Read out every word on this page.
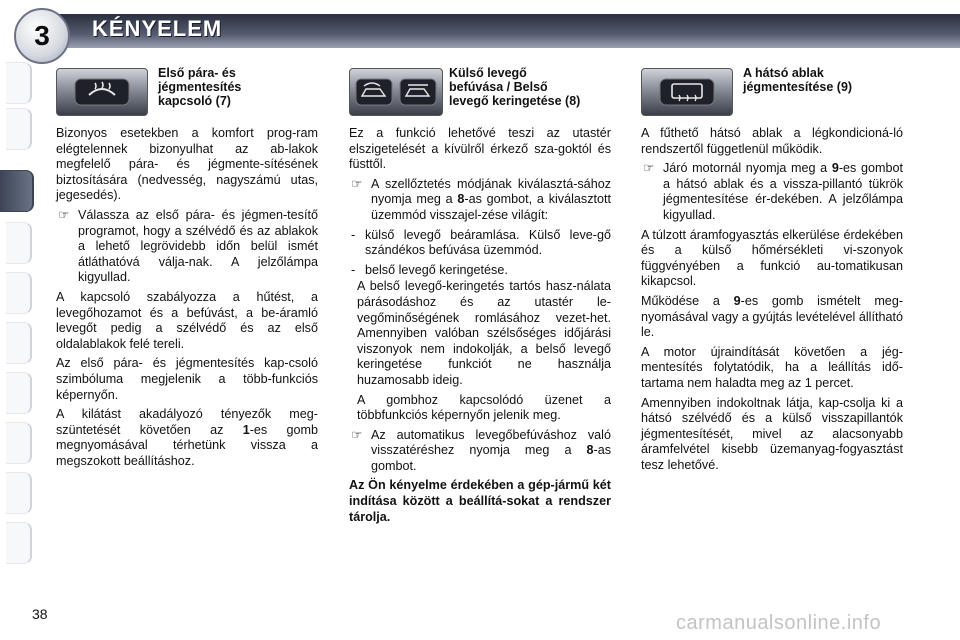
3 KÉNYELEM
Első pára- és
jégmentesítés
kapcsoló (7)

Bizonyos esetekben a komfort prog-ram elégtelennek bizonyulhat az ab-lakok megfelelő pára- és jégmente-sítésének biztosítására (nedvesség, nagyszámú utas, jegesedés).

☞ Válassza az első pára- és jégmen-tesítő programot, hogy a szélvédő és az ablakok a lehető legrövidebb időn belül ismét átláthatóvá válja-nak. A jelzőlámpa kigyullad.

A kapcsoló szabályozza a hűtést, a levegőhozamot és a befúvást, a be-áramló levegőt pedig a szélvédő és az első oldalablakok felé tereli.

Az első pára- és jégmentesítés kap-csoló szimbóluma megjelenik a több-funkciós képernyőn.

A kilátást akadályozó tényezők meg-szüntetését követően az 1-es gomb megnyomásával térhetünk vissza a megszokott beállításhoz.

Külső levegő
befúvása / Belső
levegő keringetése (8)

Ez a funkció lehetővé teszi az utastér elszigetelését a kívülről érkező sza-goktól és füsttől.

☞ A szellőztetés módjának kiválasztá-sához nyomja meg a 8-as gombot, a kiválasztott üzemmód visszajel-zése világít:
- külső levegő beáramlása. Külső leve-gő szándékos befúvása üzemmód.
- belső levegő keringetése.
A belső levegő-keringetés tartós hasz-nálata párásodáshoz és az utastér le-vegőminőségének romlásához vezet-het. Amennyiben valóban szélsőséges időjárási viszonyok nem indokolják, a belső levegő keringetése funkciót ne használja huzamosabb ideig.
A gombhoz kapcsolódó üzenet a többfunkciós képernyőn jelenik meg.
☞ Az automatikus levegőbefúváshoz való visszatéréshez nyomja meg a 8-as gombot.

Az Ön kényelme érdekében a gép-jármű két indítása között a beállítá-sokat a rendszer tárolja.

A hátsó ablak
jégmentesítése (9)

A fűthető hátsó ablak a légkondicioná-ló rendszertől függetlenül működik.

☞ Járó motornál nyomja meg a 9-es gombot a hátsó ablak és a vissza-pillantó tükrök jégmentesítése ér-dekében. A jelzőlámpa kigyullad.

A túlzott áramfogyasztás elkerülése érdekében és a külső hőmérsékleti vi-szonyok függvényében a funkció au-tomatikusan kikapcsol.

Működése a 9-es gomb ismételt meg-nyomásával vagy a gyújtás levételével állítható le.

A motor újraindítását követően a jég-mentesítés folytatódik, ha a leállítás idő-tartama nem haladta meg az 1 percet.

Amennyiben indokoltnak látja, kap-csolja ki a hátsó szélvédő és a külső visszapillantók jégmentesítését, mivel az alacsonyabb áramfelvétel kisebb üzemanyag-fogyasztást tesz lehetővé.

38	carmanualsonline.info
